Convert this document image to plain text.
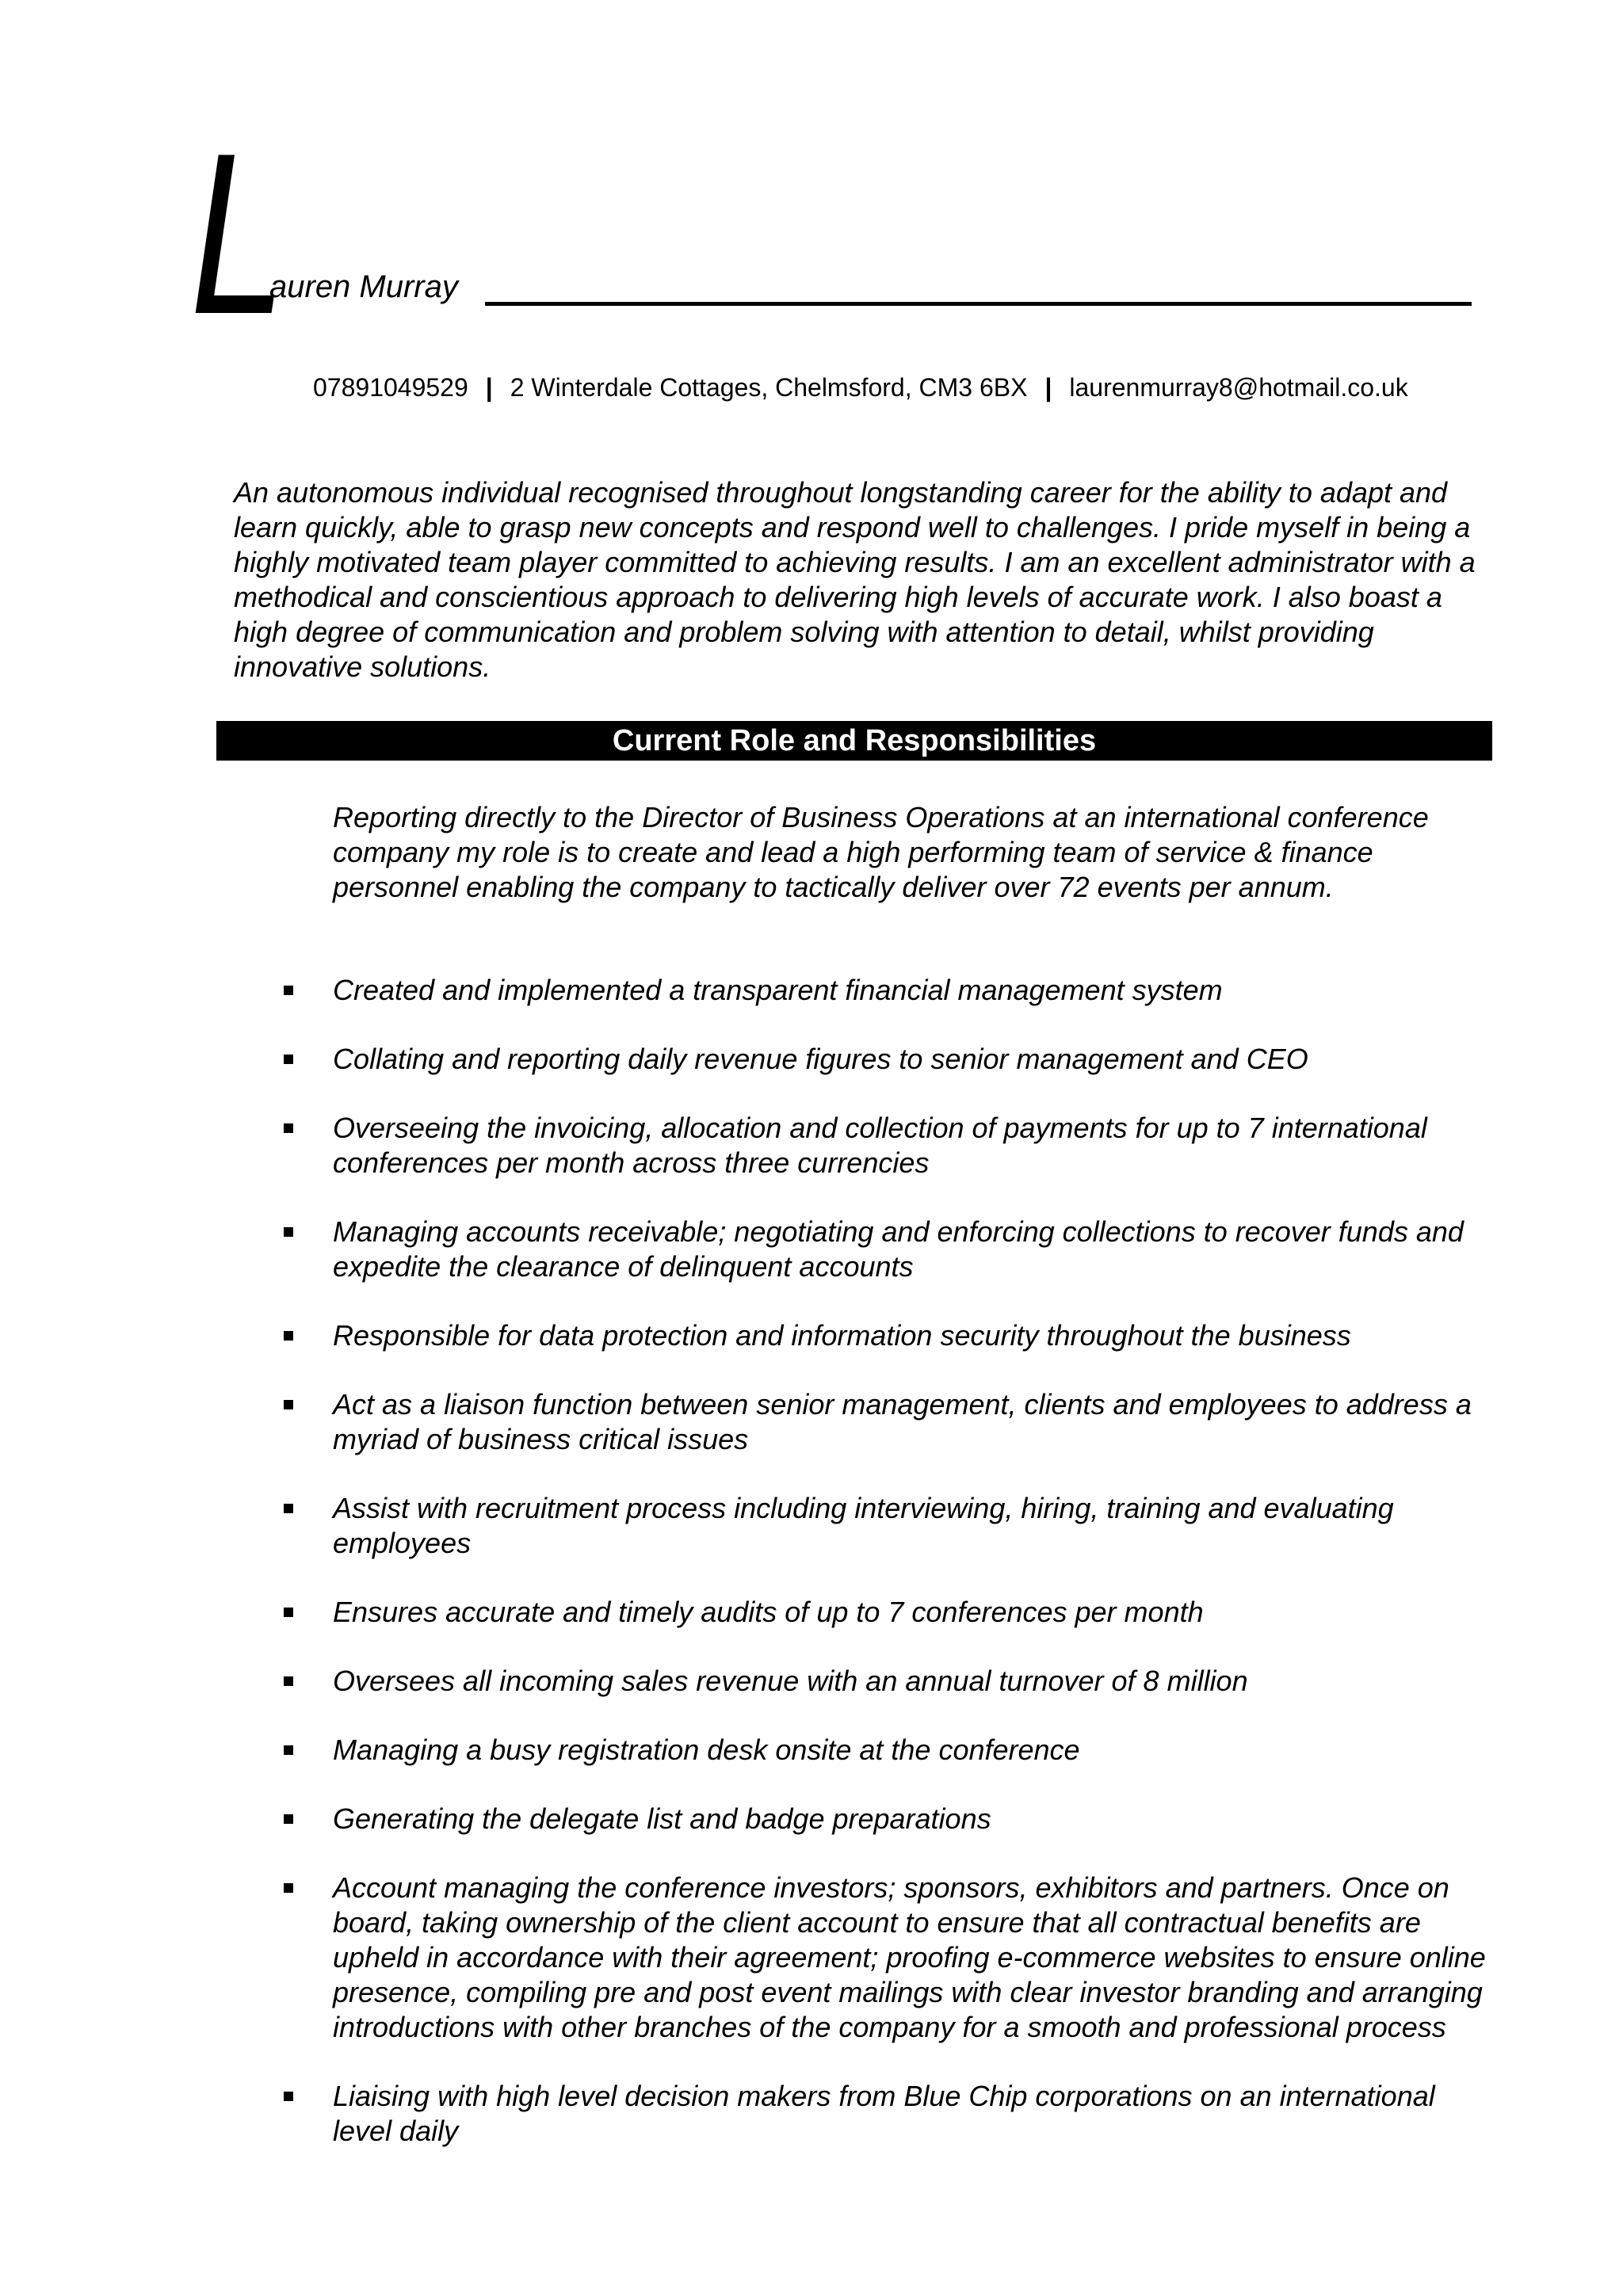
L
auren Murray
07891049529 | 2 Winterdale Cottages, Chelmsford, CM3 6BX | laurenmurray8@hotmail.co.uk
An autonomous individual recognised throughout longstanding career for the ability to adapt and learn quickly, able to grasp new concepts and respond well to challenges. I pride myself in being a highly motivated team player committed to achieving results. I am an excellent administrator with a methodical and conscientious approach to delivering high levels of accurate work. I also boast a high degree of communication and problem solving with attention to detail, whilst providing innovative solutions.
Current Role and Responsibilities
Reporting directly to the Director of Business Operations at an international conference company my role is to create and lead a high performing team of service & finance personnel enabling the company to tactically deliver over 72 events per annum.
Created and implemented a transparent financial management system
Collating and reporting daily revenue figures to senior management and CEO
Overseeing the invoicing, allocation and collection of payments for up to 7 international conferences per month across three currencies
Managing accounts receivable; negotiating and enforcing collections to recover funds and expedite the clearance of delinquent accounts
Responsible for data protection and information security throughout the business
Act as a liaison function between senior management, clients and employees to address a myriad of business critical issues
Assist with recruitment process including interviewing, hiring, training and evaluating employees
Ensures accurate and timely audits of up to 7 conferences per month
Oversees all incoming sales revenue with an annual turnover of 8 million
Managing a busy registration desk onsite at the conference
Generating the delegate list and badge preparations
Account managing the conference investors; sponsors, exhibitors and partners. Once on board, taking ownership of the client account to ensure that all contractual benefits are upheld in accordance with their agreement; proofing e-commerce websites to ensure online presence, compiling pre and post event mailings with clear investor branding and arranging introductions with other branches of the company for a smooth and professional process
Liaising with high level decision makers from Blue Chip corporations on an international level daily
